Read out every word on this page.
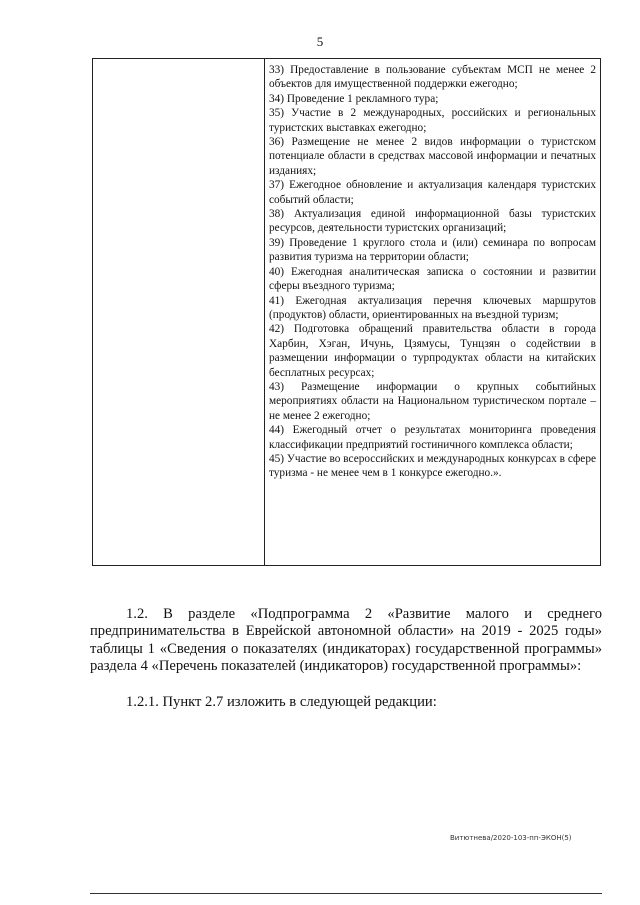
5

33) Предоставление в пользование субъектам МСП не менее 2 объектов для имущественной поддержки ежегодно;

34) Проведение 1 рекламного тура;

35) Участие в 2 международных, российских и региональных туристских выставках ежегодно;

36) Размещение не менее 2 видов информации о туристском потенциале области в средствах массовой информации и печатных изданиях;

37) Ежегодное обновление и актуализация календаря туристских событий области;

38) Актуализация единой информационной базы туристских ресурсов, деятельности туристских организаций;

39) Проведение 1 круглого стола и (или) семинара по вопросам развития туризма на территории области;

40) Ежегодная аналитическая записка о состоянии и развитии сферы въездного туризма;

41) Ежегодная актуализация перечня ключевых маршрутов (продуктов) области, ориентированных на въездной туризм;

42) Подготовка обращений правительства области в города Харбин, Хэган, Ичунь, Цзямусы, Тунцзян о содействии в размещении информации о турпродуктах области на китайских бесплатных ресурсах;

43) Размещение информации о крупных событийных мероприятиях области на Национальном туристическом портале – не менее 2 ежегодно;

44) Ежегодный отчет о результатах мониторинга проведения классификации предприятий гостиничного комплекса области;

45) Участие во всероссийских и международных конкурсах в сфере туризма - не менее чем в 1 конкурсе ежегодно.».

1.2. В разделе «Подпрограмма 2 «Развитие малого и среднего предпринимательства в Еврейской автономной области» на 2019 - 2025 годы» таблицы 1 «Сведения о показателях (индикаторах) государственной программы» раздела 4 «Перечень показателей (индикаторов) государственной программы»:

1.2.1. Пункт 2.7 изложить в следующей редакции:

Витютнева/2020-103-пп-ЭКОН(5)
